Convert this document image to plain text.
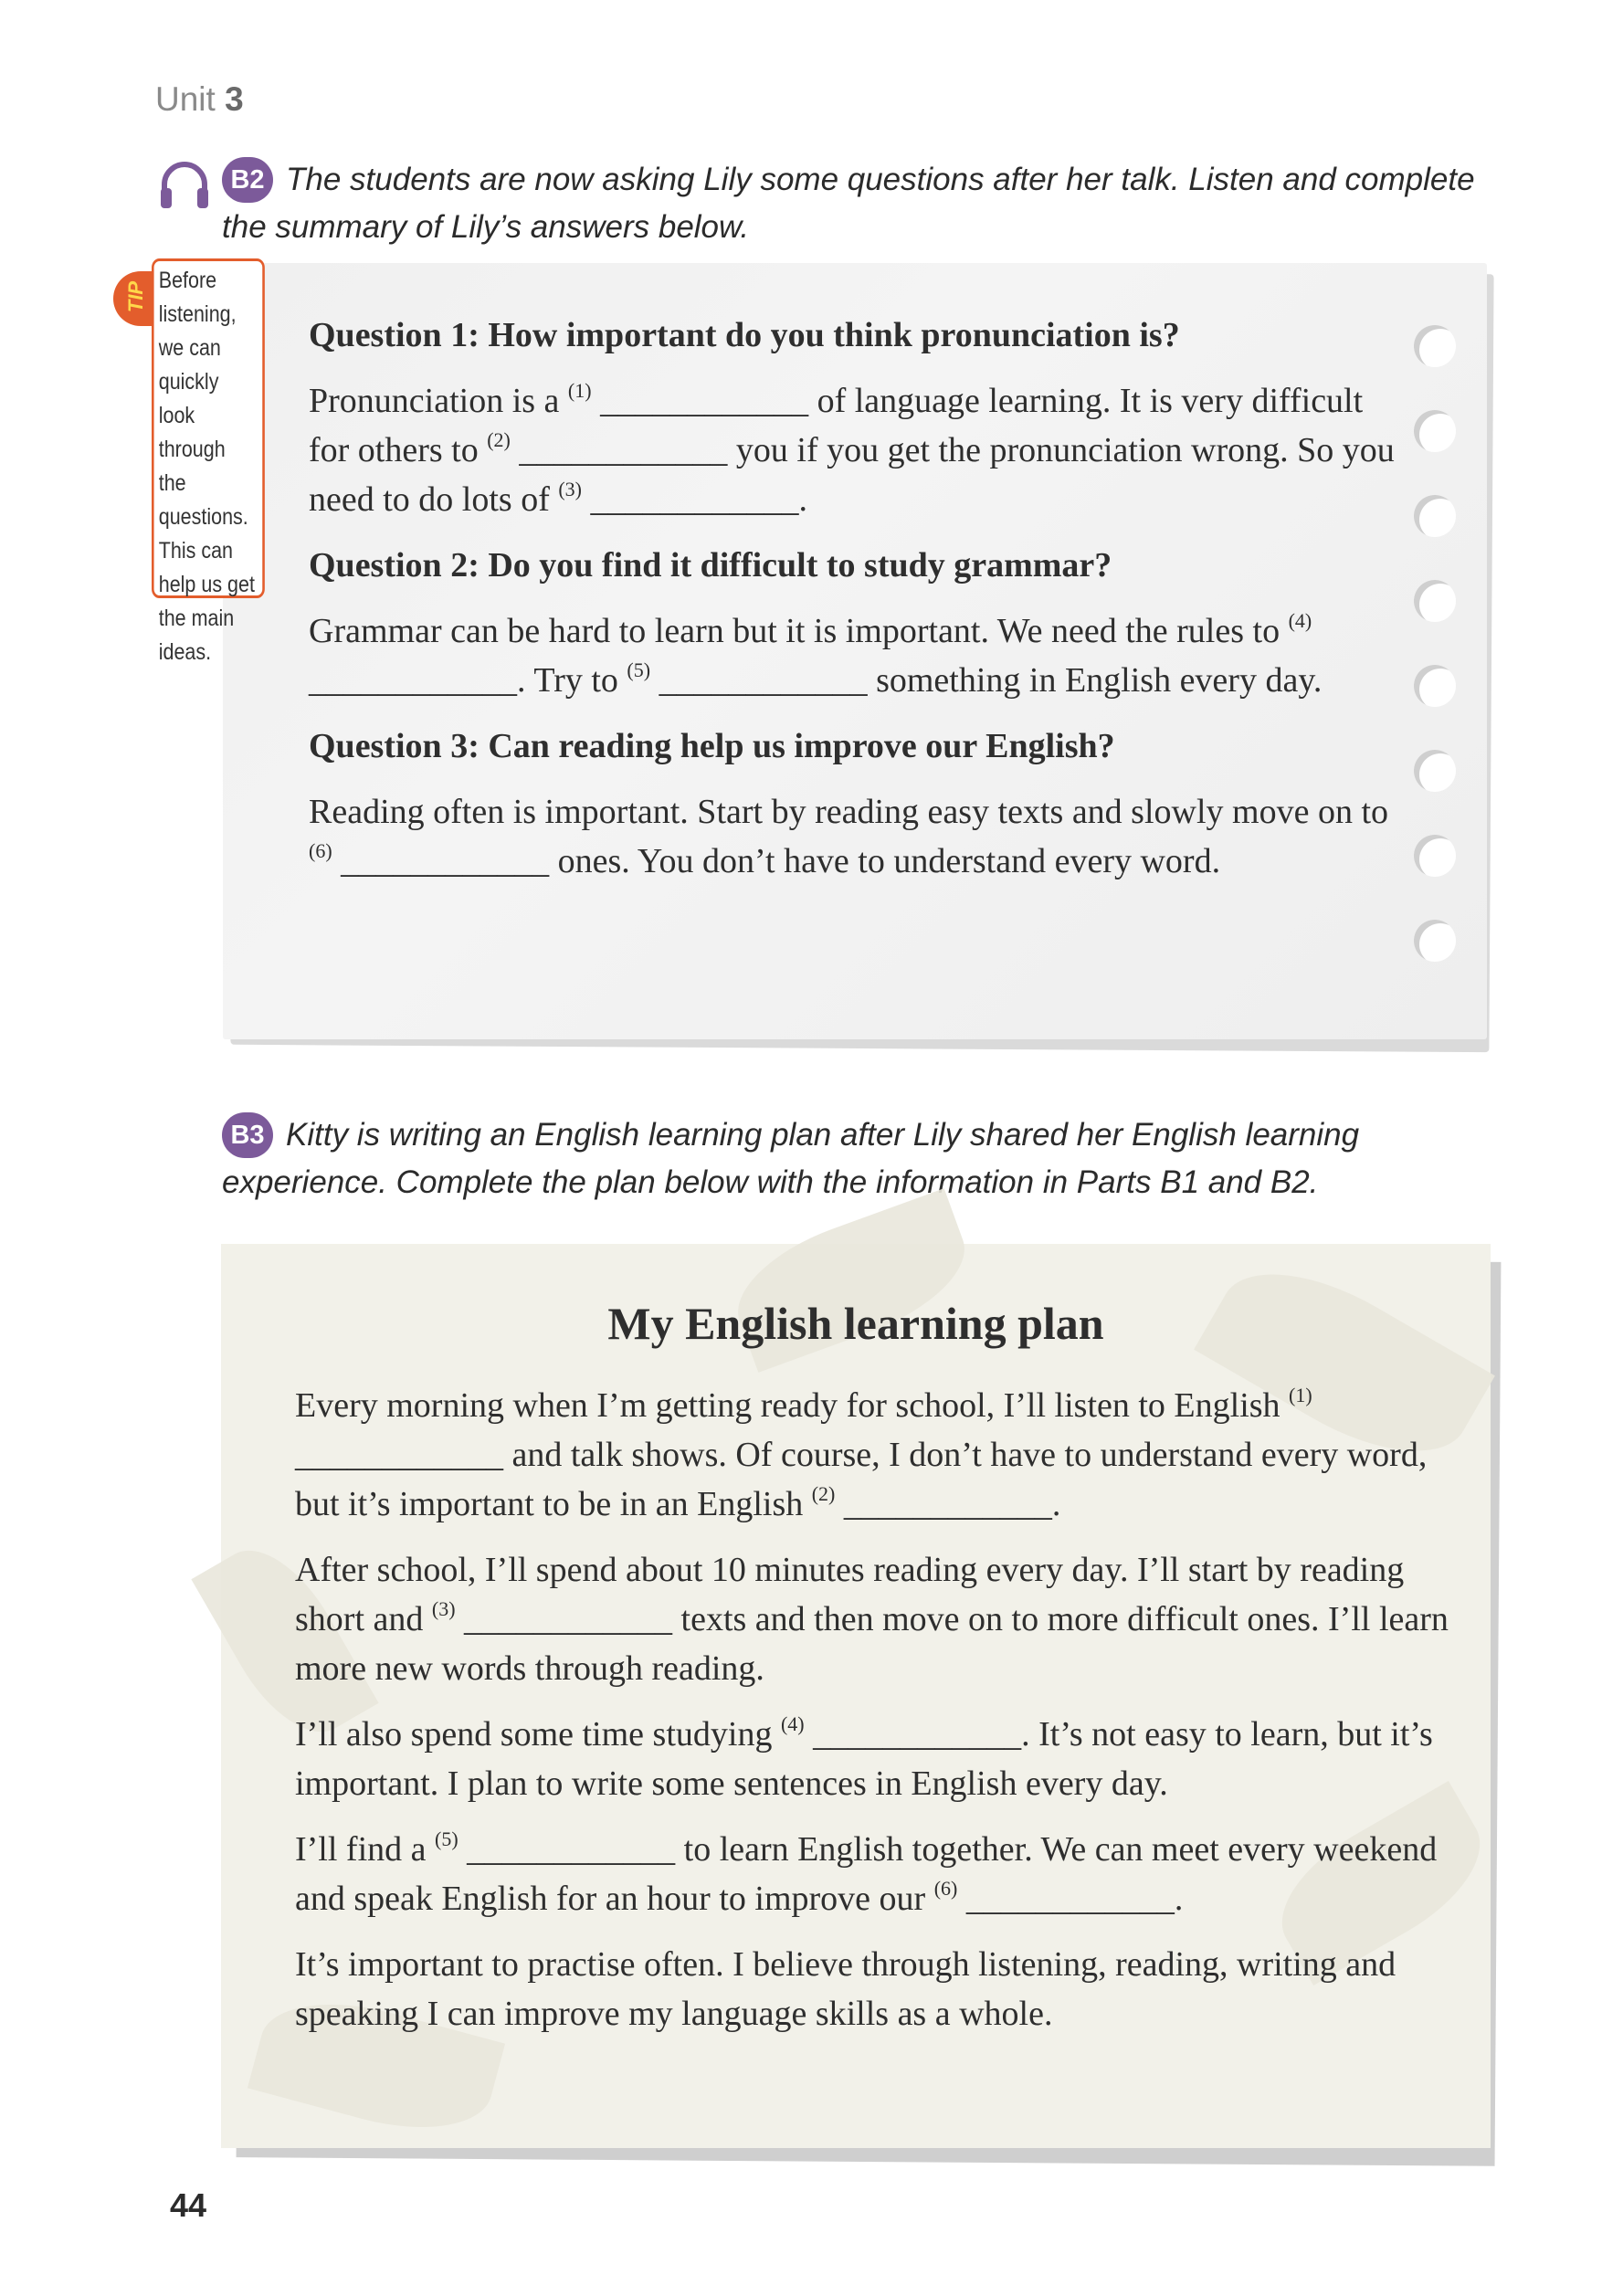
Unit 3
B2 The students are now asking Lily some questions after her talk. Listen and complete the summary of Lily’s answers below.
TIP
Before
listening,
we can
quickly look
through the
questions.
This can
help us get
the main
ideas.
Question 1: How important do you think pronunciation is?
Pronunciation is a $^{(1)}$ ____________ of language learning. It is very difficult for others to $^{(2)}$ ____________ you if you get the pronunciation wrong. So you need to do lots of $^{(3)}$ ____________.
Question 2: Do you find it difficult to study grammar?
Grammar can be hard to learn but it is important. We need the rules to $^{(4)}$ ____________. Try to $^{(5)}$ ____________ something in English every day.
Question 3: Can reading help us improve our English?
Reading often is important. Start by reading easy texts and slowly move on to $^{(6)}$ ____________ ones. You don’t have to understand every word.
B3 Kitty is writing an English learning plan after Lily shared her English learning experience. Complete the plan below with the information in Parts B1 and B2.
My English learning plan
Every morning when I’m getting ready for school, I’ll listen to English $^{(1)}$ ____________ and talk shows. Of course, I don’t have to understand every word, but it’s important to be in an English $^{(2)}$ ____________.
After school, I’ll spend about 10 minutes reading every day. I’ll start by reading short and $^{(3)}$ ____________ texts and then move on to more difficult ones. I’ll learn more new words through reading.
I’ll also spend some time studying $^{(4)}$ ____________. It’s not easy to learn, but it’s important. I plan to write some sentences in English every day.
I’ll find a $^{(5)}$ ____________ to learn English together. We can meet every weekend and speak English for an hour to improve our $^{(6)}$ ____________.
It’s important to practise often. I believe through listening, reading, writing and speaking I can improve my language skills as a whole.
44
